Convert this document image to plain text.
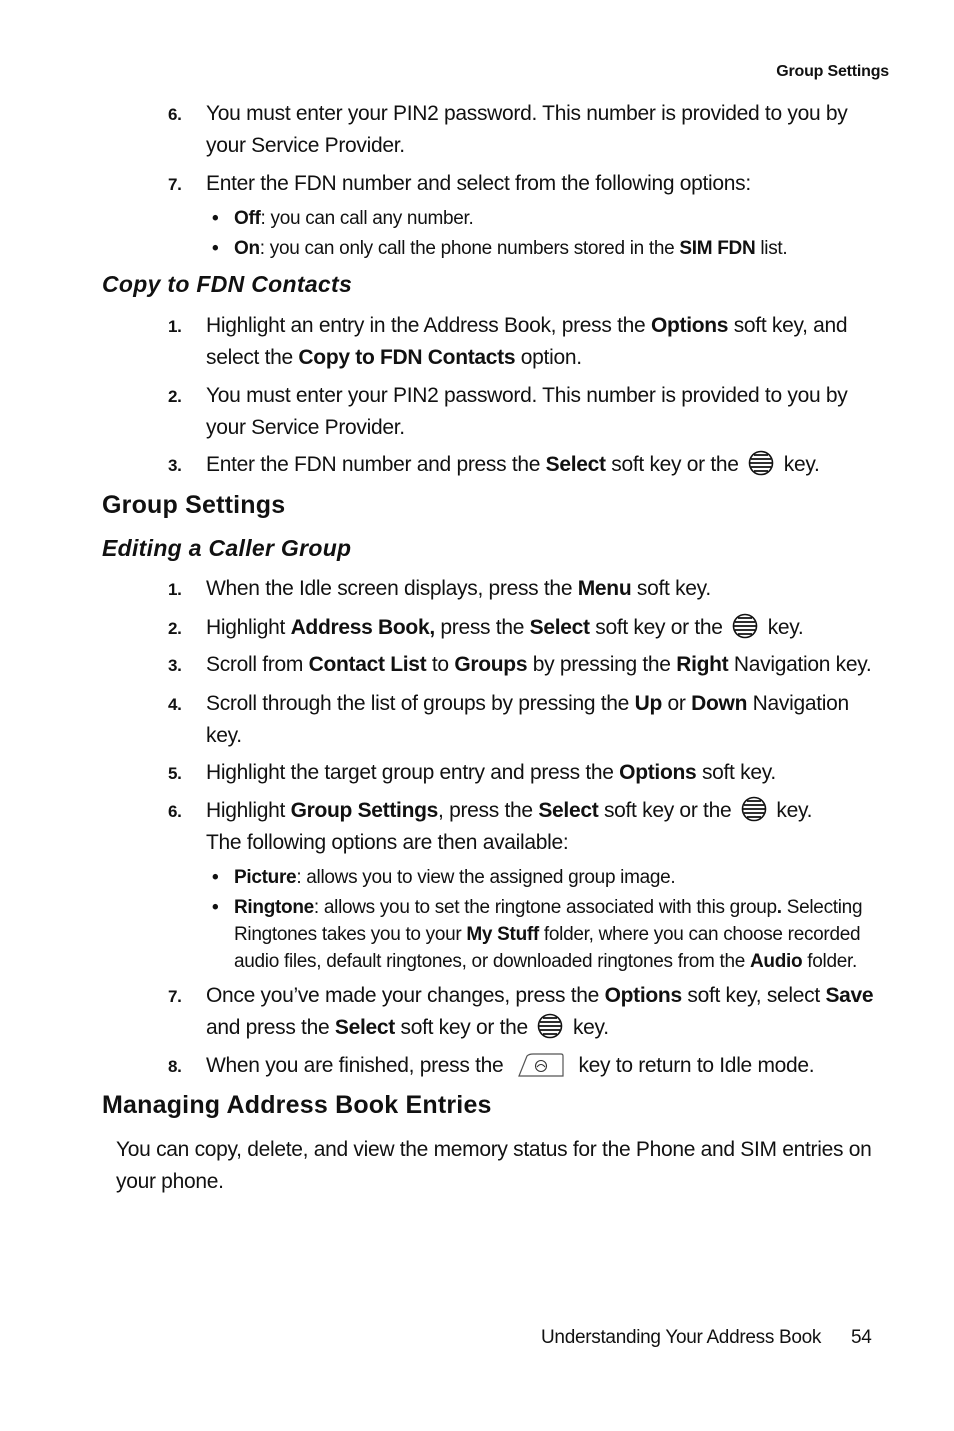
Group Settings
6. You must enter your PIN2 password. This number is provided to you by your Service Provider.
7. Enter the FDN number and select from the following options:
• Off: you can call any number.
• On: you can only call the phone numbers stored in the SIM FDN list.
Copy to FDN Contacts
1. Highlight an entry in the Address Book, press the Options soft key, and select the Copy to FDN Contacts option.
2. You must enter your PIN2 password. This number is provided to you by your Service Provider.
3. Enter the FDN number and press the Select soft key or the  key.
Group Settings
Editing a Caller Group
1. When the Idle screen displays, press the Menu soft key.
2. Highlight Address Book, press the Select soft key or the  key.
3. Scroll from Contact List to Groups by pressing the Right Navigation key.
4. Scroll through the list of groups by pressing the Up or Down Navigation key.
5. Highlight the target group entry and press the Options soft key.
6. Highlight Group Settings, press the Select soft key or the  key.
The following options are then available:
• Picture: allows you to view the assigned group image.
• Ringtone: allows you to set the ringtone associated with this group. Selecting Ringtones takes you to your My Stuff folder, where you can choose recorded audio files, default ringtones, or downloaded ringtones from the Audio folder.
7. Once you’ve made your changes, press the Options soft key, select Save
and press the Select soft key or the  key.
8. When you are finished, press the	key to return to Idle mode.
Managing Address Book Entries
You can copy, delete, and view the memory status for the Phone and SIM entries on your phone.
Understanding Your Address Book 54
